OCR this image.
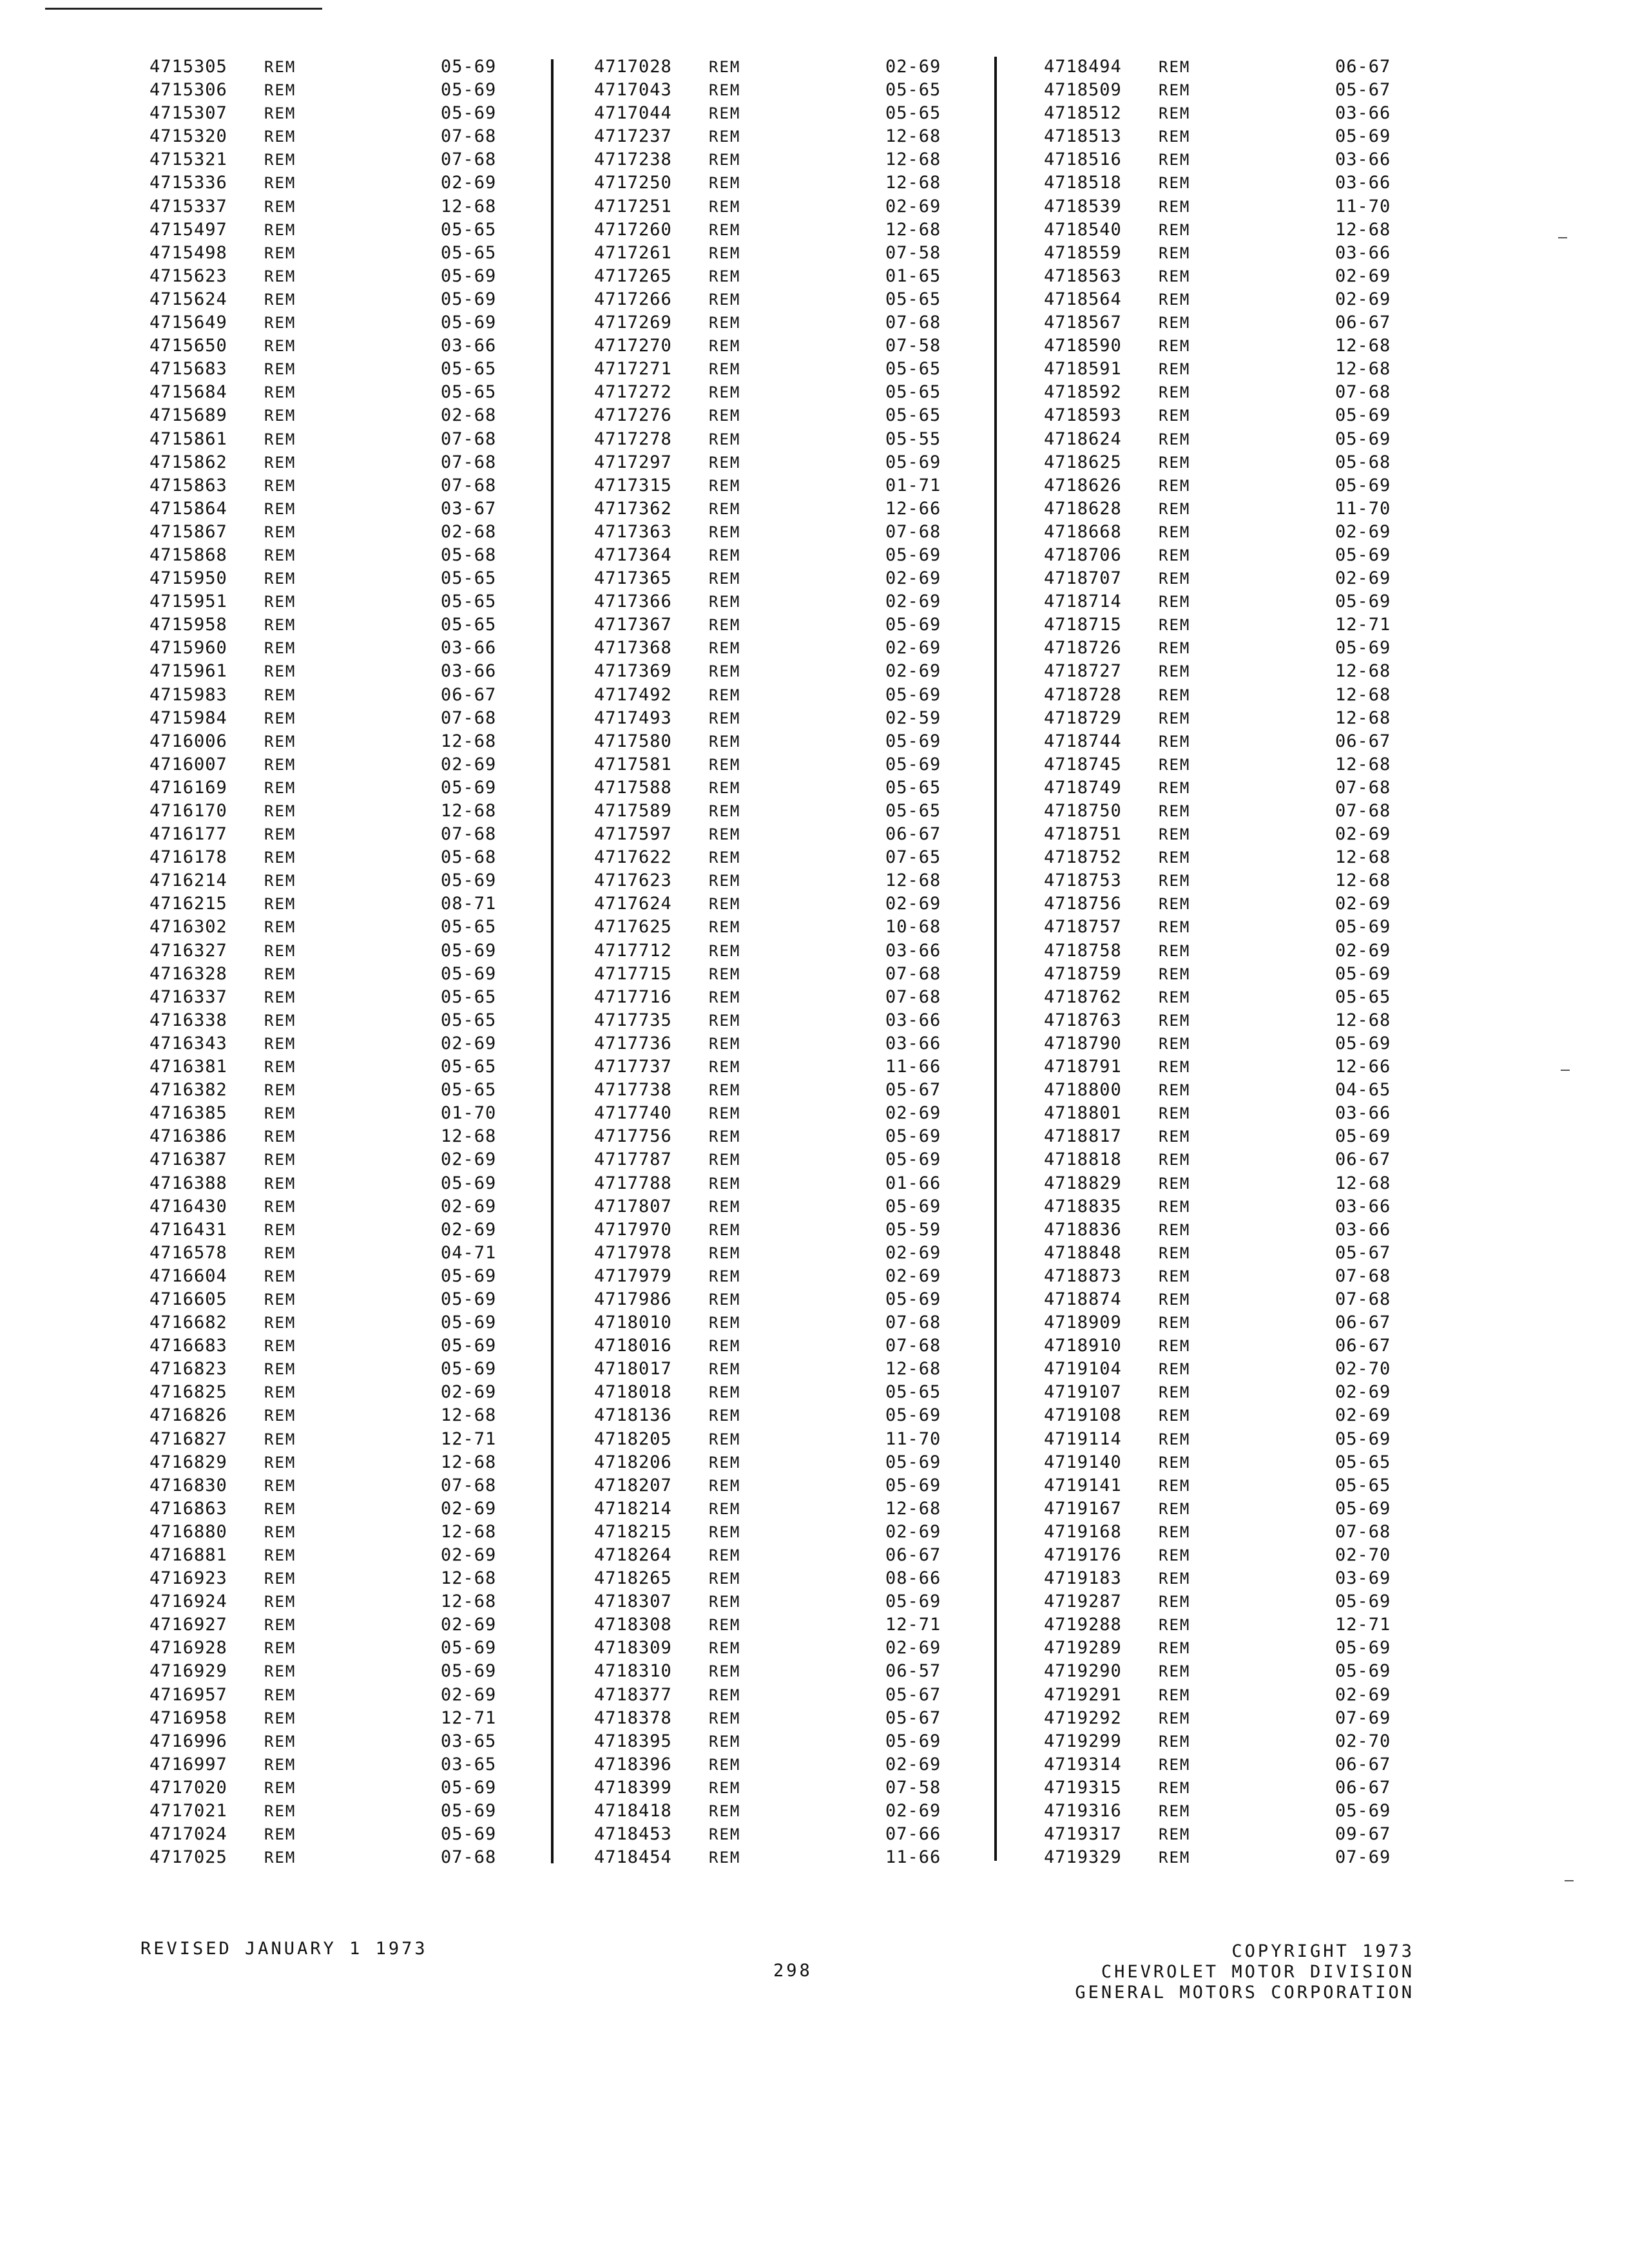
4715305 REM	05-69
4715306 REM	05-69
4715307 REM	05-69
4715320 REM	07-68
4715321 REM	07-68
4715336 REM	02-69
4715337 REM	12-68
4715497 REM	05-65
4715498 REM	05-65
4715623 REM	05-69
4715624 REM	05-69
4715649 REM	05-69
4715650 REM	03-66
4715683 REM	05-65
4715684 REM	05-65
4715689 REM	02-68
4715861 REM	07-68
4715862 REM	07-68
4715863 REM	07-68
4715864 REM	03-67
4715867 REM	02-68
4715868 REM	05-68
4715950 REM	05-65
4715951 REM	05-65
4715958 REM	05-65
4715960 REM	03-66
4715961 REM	03-66
4715983 REM	06-67
4715984 REM	07-68
4716006 REM	12-68
4716007 REM	02-69
4716169 REM	05-69
4716170 REM	12-68
4716177 REM	07-68
4716178 REM	05-68
4716214 REM	05-69
4716215 REM	08-71
4716302 REM	05-65
4716327 REM	05-69
4716328 REM	05-69
4716337 REM	05-65
4716338 REM	05-65
4716343 REM	02-69
4716381 REM	05-65
4716382 REM	05-65
4716385 REM	01-70
4716386 REM	12-68
4716387 REM	02-69
4716388 REM	05-69
4716430 REM	02-69
4716431 REM	02-69
4716578 REM	04-71
4716604 REM	05-69
4716605 REM	05-69
4716682 REM	05-69
4716683 REM	05-69
4716823 REM	05-69
4716825 REM	02-69
4716826 REM	12-68
4716827 REM	12-71
4716829 REM	12-68
4716830 REM	07-68
4716863 REM	02-69
4716880 REM	12-68
4716881 REM	02-69
4716923 REM	12-68
4716924 REM	12-68
4716927 REM	02-69
4716928 REM	05-69
4716929 REM	05-69
4716957 REM	02-69
4716958 REM	12-71
4716996 REM	03-65
4716997 REM	03-65
4717020 REM	05-69
4717021 REM	05-69
4717024 REM	05-69
4717025 REM	07-68
4717028 REM	02-69
4717043 REM	05-65
4717044 REM	05-65
4717237 REM	12-68
4717238 REM	12-68
4717250 REM	12-68
4717251 REM	02-69
4717260 REM	12-68
4717261 REM	07-58
4717265 REM	01-65
4717266 REM	05-65
4717269 REM	07-68
4717270 REM	07-58
4717271 REM	05-65
4717272 REM	05-65
4717276 REM	05-65
4717278 REM	05-55
4717297 REM	05-69
4717315 REM	01-71
4717362 REM	12-66
4717363 REM	07-68
4717364 REM	05-69
4717365 REM	02-69
4717366 REM	02-69
4717367 REM	05-69
4717368 REM	02-69
4717369 REM	02-69
4717492 REM	05-69
4717493 REM	02-59
4717580 REM	05-69
4717581 REM	05-69
4717588 REM	05-65
4717589 REM	05-65
4717597 REM	06-67
4717622 REM	07-65
4717623 REM	12-68
4717624 REM	02-69
4717625 REM	10-68
4717712 REM	03-66
4717715 REM	07-68
4717716 REM	07-68
4717735 REM	03-66
4717736 REM	03-66
4717737 REM	11-66
4717738 REM	05-67
4717740 REM	02-69
4717756 REM	05-69
4717787 REM	05-69
4717788 REM	01-66
4717807 REM	05-69
4717970 REM	05-59
4717978 REM	02-69
4717979 REM	02-69
4717986 REM	05-69
4718010 REM	07-68
4718016 REM	07-68
4718017 REM	12-68
4718018 REM	05-65
4718136 REM	05-69
4718205 REM	11-70
4718206 REM	05-69
4718207 REM	05-69
4718214 REM	12-68
4718215 REM	02-69
4718264 REM	06-67
4718265 REM	08-66
4718307 REM	05-69
4718308 REM	12-71
4718309 REM	02-69
4718310 REM	06-57
4718377 REM	05-67
4718378 REM	05-67
4718395 REM	05-69
4718396 REM	02-69
4718399 REM	07-58
4718418 REM	02-69
4718453 REM	07-66
4718454 REM	11-66
4718494 REM	06-67
4718509 REM	05-67
4718512 REM	03-66
4718513 REM	05-69
4718516 REM	03-66
4718518 REM	03-66
4718539 REM	11-70
4718540 REM	12-68
4718559 REM	03-66
4718563 REM	02-69
4718564 REM	02-69
4718567 REM	06-67
4718590 REM	12-68
4718591 REM	12-68
4718592 REM	07-68
4718593 REM	05-69
4718624 REM	05-69
4718625 REM	05-68
4718626 REM	05-69
4718628 REM	11-70
4718668 REM	02-69
4718706 REM	05-69
4718707 REM	02-69
4718714 REM	05-69
4718715 REM	12-71
4718726 REM	05-69
4718727 REM	12-68
4718728 REM	12-68
4718729 REM	12-68
4718744 REM	06-67
4718745 REM	12-68
4718749 REM	07-68
4718750 REM	07-68
4718751 REM	02-69
4718752 REM	12-68
4718753 REM	12-68
4718756 REM	02-69
4718757 REM	05-69
4718758 REM	02-69
4718759 REM	05-69
4718762 REM	05-65
4718763 REM	12-68
4718790 REM	05-69
4718791 REM	12-66
4718800 REM	04-65
4718801 REM	03-66
4718817 REM	05-69
4718818 REM	06-67
4718829 REM	12-68
4718835 REM	03-66
4718836 REM	03-66
4718848 REM	05-67
4718873 REM	07-68
4718874 REM	07-68
4718909 REM	06-67
4718910 REM	06-67
4719104 REM	02-70
4719107 REM	02-69
4719108 REM	02-69
4719114 REM	05-69
4719140 REM	05-65
4719141 REM	05-65
4719167 REM	05-69
4719168 REM	07-68
4719176 REM	02-70
4719183 REM	03-69
4719287 REM	05-69
4719288 REM	12-71
4719289 REM	05-69
4719290 REM	05-69
4719291 REM	02-69
4719292 REM	07-69
4719299 REM	02-70
4719314 REM	06-67
4719315 REM	06-67
4719316 REM	05-69
4719317 REM	09-67
4719329 REM	07-69
REVISED JANUARY 1 1973
298
COPYRIGHT 1973
CHEVROLET MOTOR DIVISION
GENERAL MOTORS CORPORATION
